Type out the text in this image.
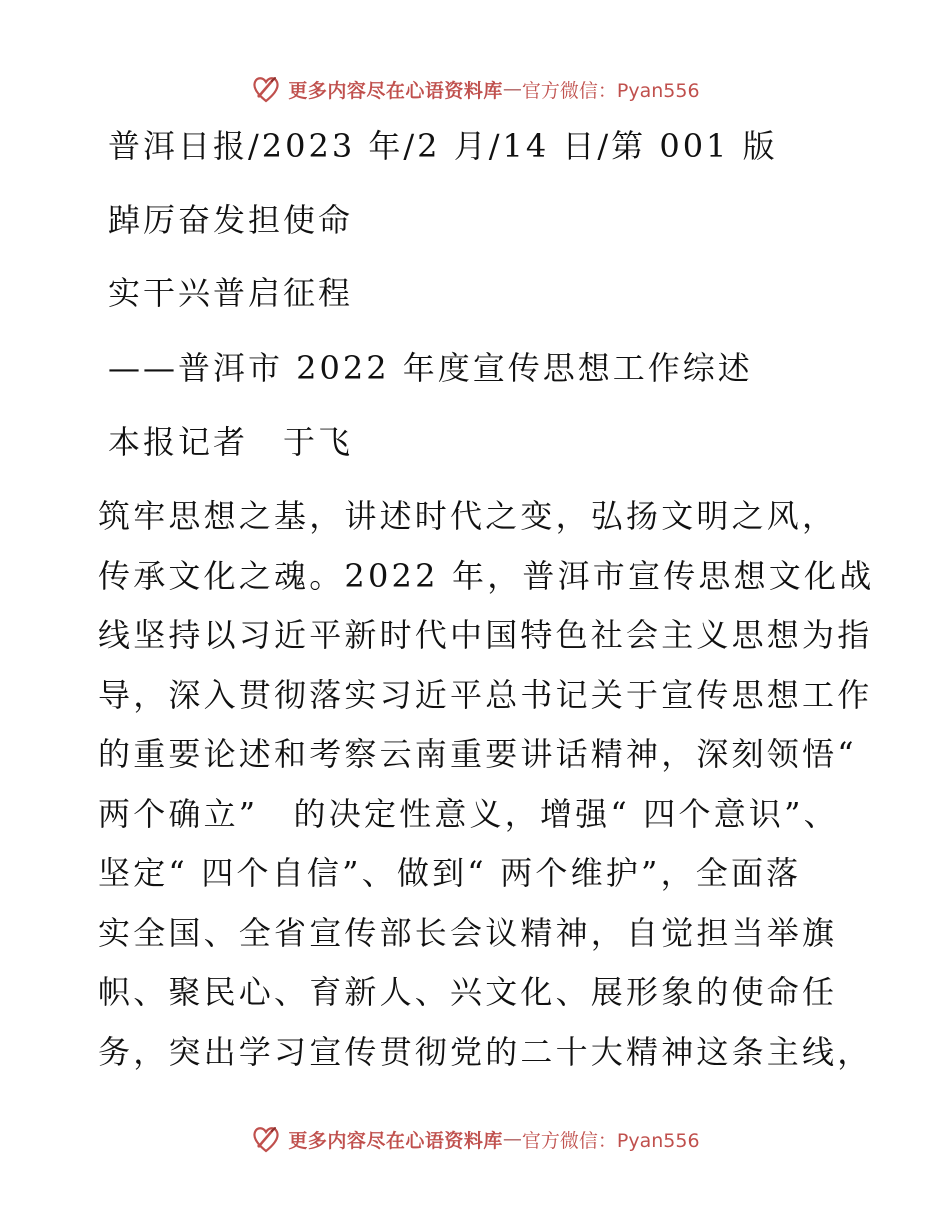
更多内容尽在心语资料库 — 官方微信：Pyan556
普洱日报/2023 年/2 月/14 日/第 001 版
踔厉奋发担使命
实干兴普启征程
——普洱市 2022 年度宣传思想工作综述
本报记者　于飞
筑牢思想之基，讲述时代之变，弘扬文明之风，
传承文化之魂。2022 年，普洱市宣传思想文化战
线坚持以习近平新时代中国特色社会主义思想为指
导，深入贯彻落实习近平总书记关于宣传思想工作
的重要论述和考察云南重要讲话精神，深刻领悟“
两个确立”　的决定性意义，增强“ 四个意识”、
坚定“ 四个自信”、做到“ 两个维护”，全面落
实全国、全省宣传部长会议精神，自觉担当举旗
帜、聚民心、育新人、兴文化、展形象的使命任
务，突出学习宣传贯彻党的二十大精神这条主线，
更多内容尽在心语资料库 — 官方微信：Pyan556
